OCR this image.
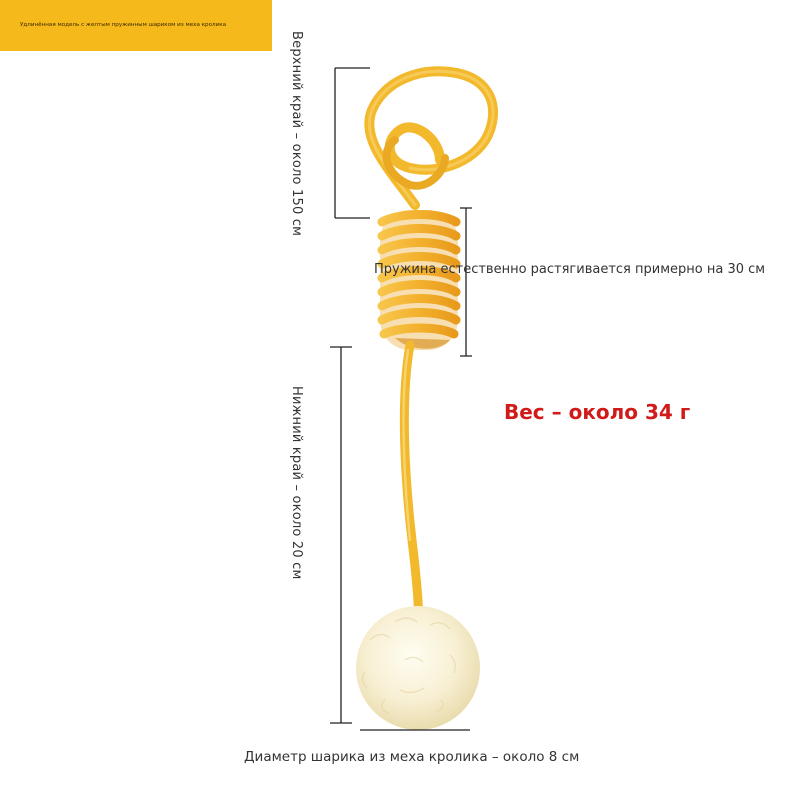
Удлинённая модель с желтым пружинным шариком из меха кролика
Верхний край – около 150 см
Пружина естественно растягивается примерно на 30 см
Вес – около 34 г
Нижний край – около 20 см
Диаметр шарика из меха кролика – около 8 см
